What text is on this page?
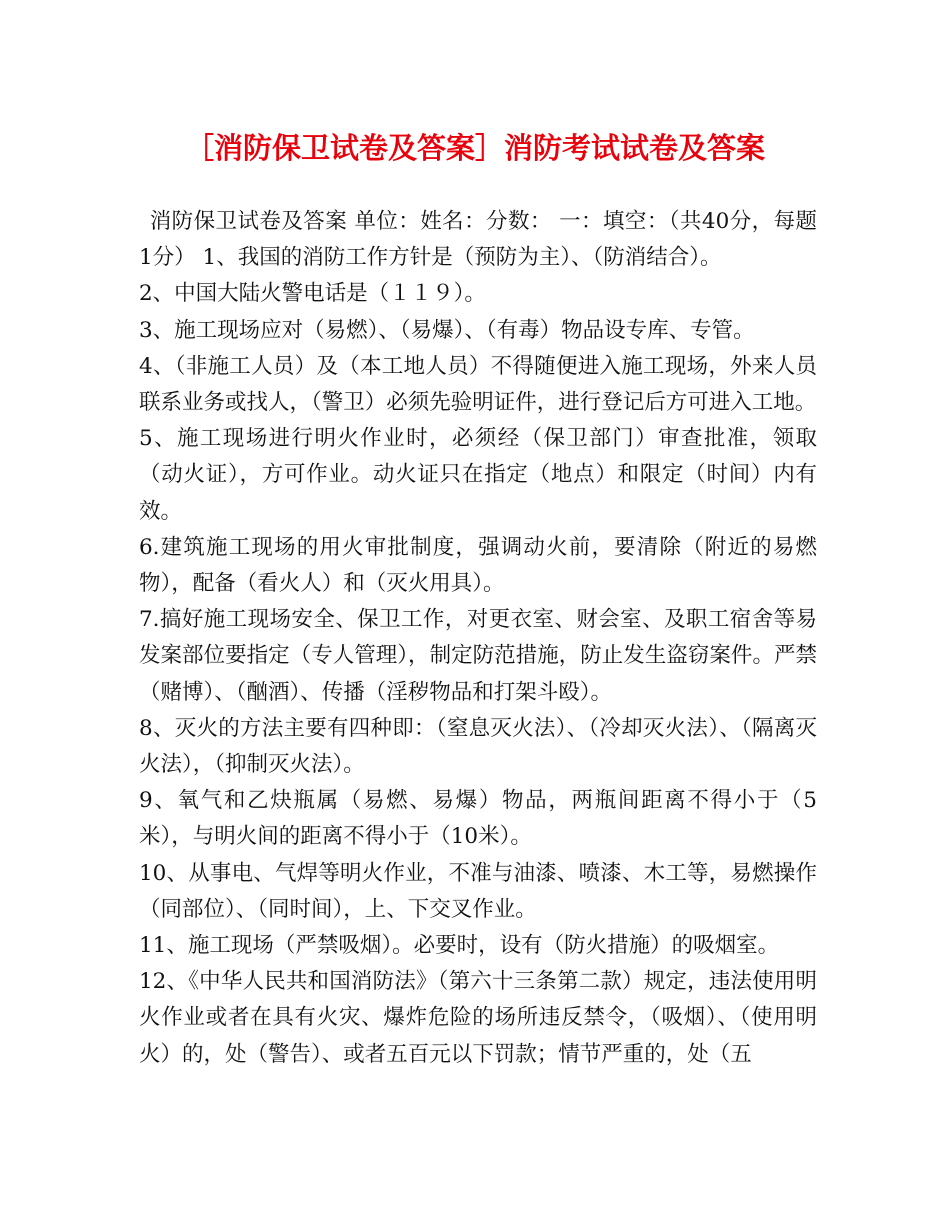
［消防保卫试卷及答案］消防考试试卷及答案

消防保卫试卷及答案 单位：姓名：分数： 一：填空：（共40分，每题1分） 1、我国的消防工作方针是（预防为主）、（防消结合）。

2、中国大陆火警电话是（１１９）。

3、施工现场应对（易燃）、（易爆）、（有毒）物品设专库、专管。

4、（非施工人员）及（本工地人员）不得随便进入施工现场，外来人员联系业务或找人，（警卫）必须先验明证件，进行登记后方可进入工地。

5、施工现场进行明火作业时，必须经（保卫部门）审查批准，领取（动火证），方可作业。动火证只在指定（地点）和限定（时间）内有效。

6.建筑施工现场的用火审批制度，强调动火前，要清除（附近的易燃物），配备（看火人）和（灭火用具）。

7.搞好施工现场安全、保卫工作，对更衣室、财会室、及职工宿舍等易发案部位要指定（专人管理），制定防范措施，防止发生盗窃案件。严禁（赌博）、（酗酒）、传播（淫秽物品和打架斗殴）。

8、灭火的方法主要有四种即：（窒息灭火法）、（冷却灭火法）、（隔离灭火法），（抑制灭火法）。

9、氧气和乙炔瓶属（易燃、易爆）物品，两瓶间距离不得小于（5米），与明火间的距离不得小于（10米）。

10、从事电、气焊等明火作业，不准与油漆、喷漆、木工等，易燃操作（同部位）、（同时间），上、下交叉作业。

11、施工现场（严禁吸烟）。必要时，设有（防火措施）的吸烟室。

12、《中华人民共和国消防法》（第六十三条第二款）规定，违法使用明火作业或者在具有火灾、爆炸危险的场所违反禁令，（吸烟）、（使用明火）的，处（警告）、或者五百元以下罚款；情节严重的，处（五
